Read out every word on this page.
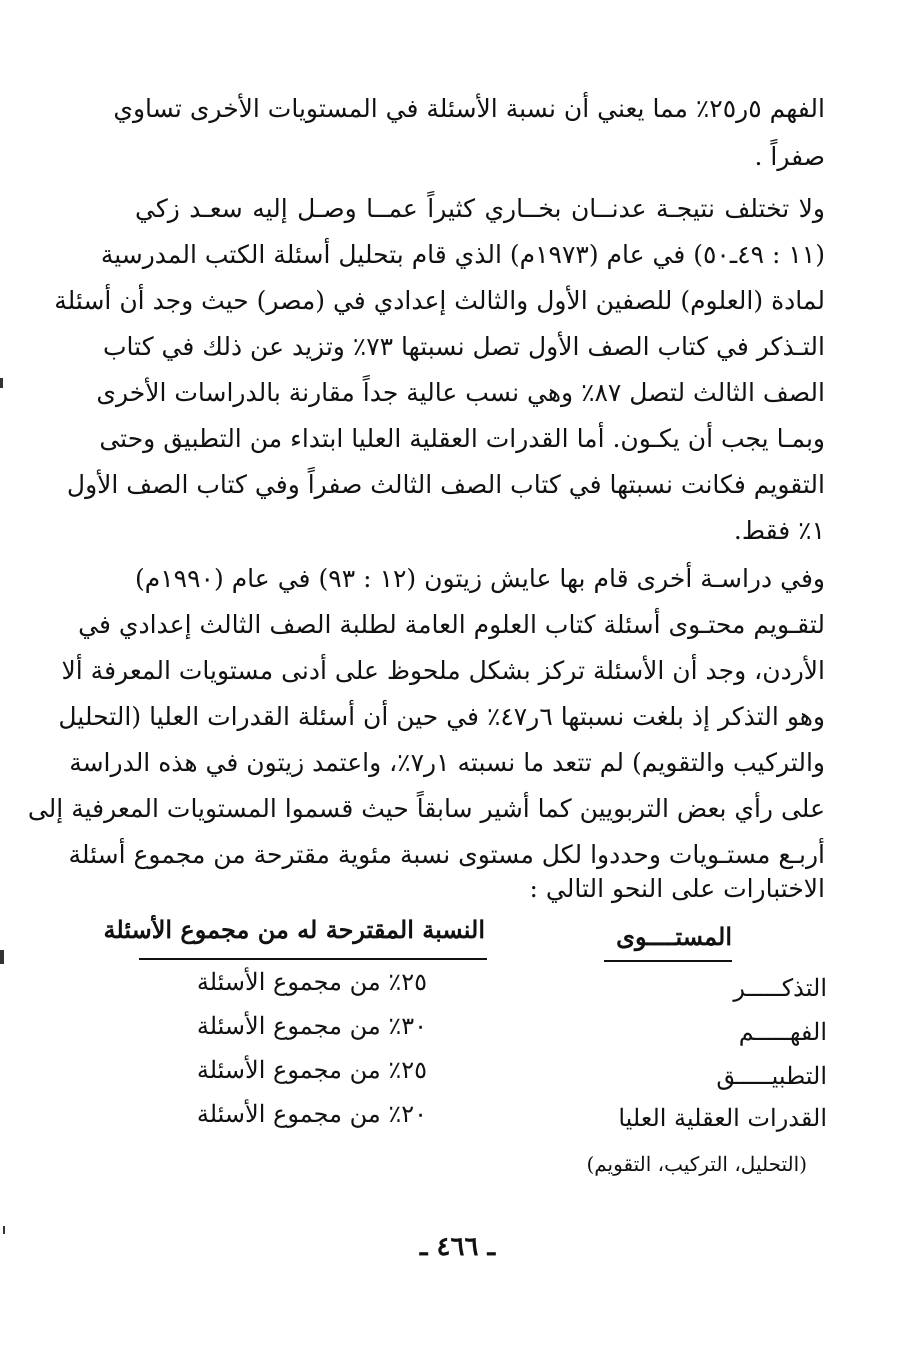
الفهم ٥ر٢٥٪ مما يعني أن نسبة الأسئلة في المستويات الأخرى تساوي
صفراً .
ولا تختلف نتيجـة عدنــان بخــاري كثيراً عمــا وصـل إليه سعـد زكي
(١١ : ٤٩ـ٥٠) في عام (١٩٧٣م) الذي قام بتحليل أسئلة الكتب المدرسية
لمادة (العلوم) للصفين الأول والثالث إعدادي في (مصر) حيث وجد أن أسئلة
التـذكر في كتاب الصف الأول تصل نسبتها ٧٣٪ وتزيد عن ذلك في كتاب
الصف الثالث لتصل ٨٧٪ وهي نسب عالية جداً مقارنة بالدراسات الأخرى
وبمـا يجب أن يكـون. أما القدرات العقلية العليا ابتداء من التطبيق وحتى
التقويم فكانت نسبتها في كتاب الصف الثالث صفراً وفي كتاب الصف الأول
١٪ فقط.
وفي دراسـة أخرى قام بها عايش زيتون (١٢ : ٩٣) في عام (١٩٩٠م)
لتقـويم محتـوى أسئلة كتاب العلوم العامة لطلبة الصف الثالث إعدادي في
الأردن، وجد أن الأسئلة تركز بشكل ملحوظ على أدنى مستويات المعرفة ألا
وهو التذكر إذ بلغت نسبتها ٦ر٤٧٪ في حين أن أسئلة القدرات العليا (التحليل
والتركيب والتقويم) لم تتعد ما نسبته ١ر٧٪، واعتمد زيتون في هذه الدراسة
على رأي بعض التربويين كما أشير سابقاً حيث قسموا المستويات المعرفية إلى
أربـع مستـويات وحددوا لكل مستوى نسبة مئوية مقترحة من مجموع أسئلة
الاختبارات على النحو التالي :
المستــــوى
النسبة المقترحة له من مجموع الأسئلة
التذكـــــر
الفهـــــم
التطبيـــــق
القدرات العقلية العليا
٢٥٪ من مجموع الأسئلة
٣٠٪ من مجموع الأسئلة
٢٥٪ من مجموع الأسئلة
٢٠٪ من مجموع الأسئلة
(التحليل، التركيب، التقويم)
ـ ٤٦٦ ـ
